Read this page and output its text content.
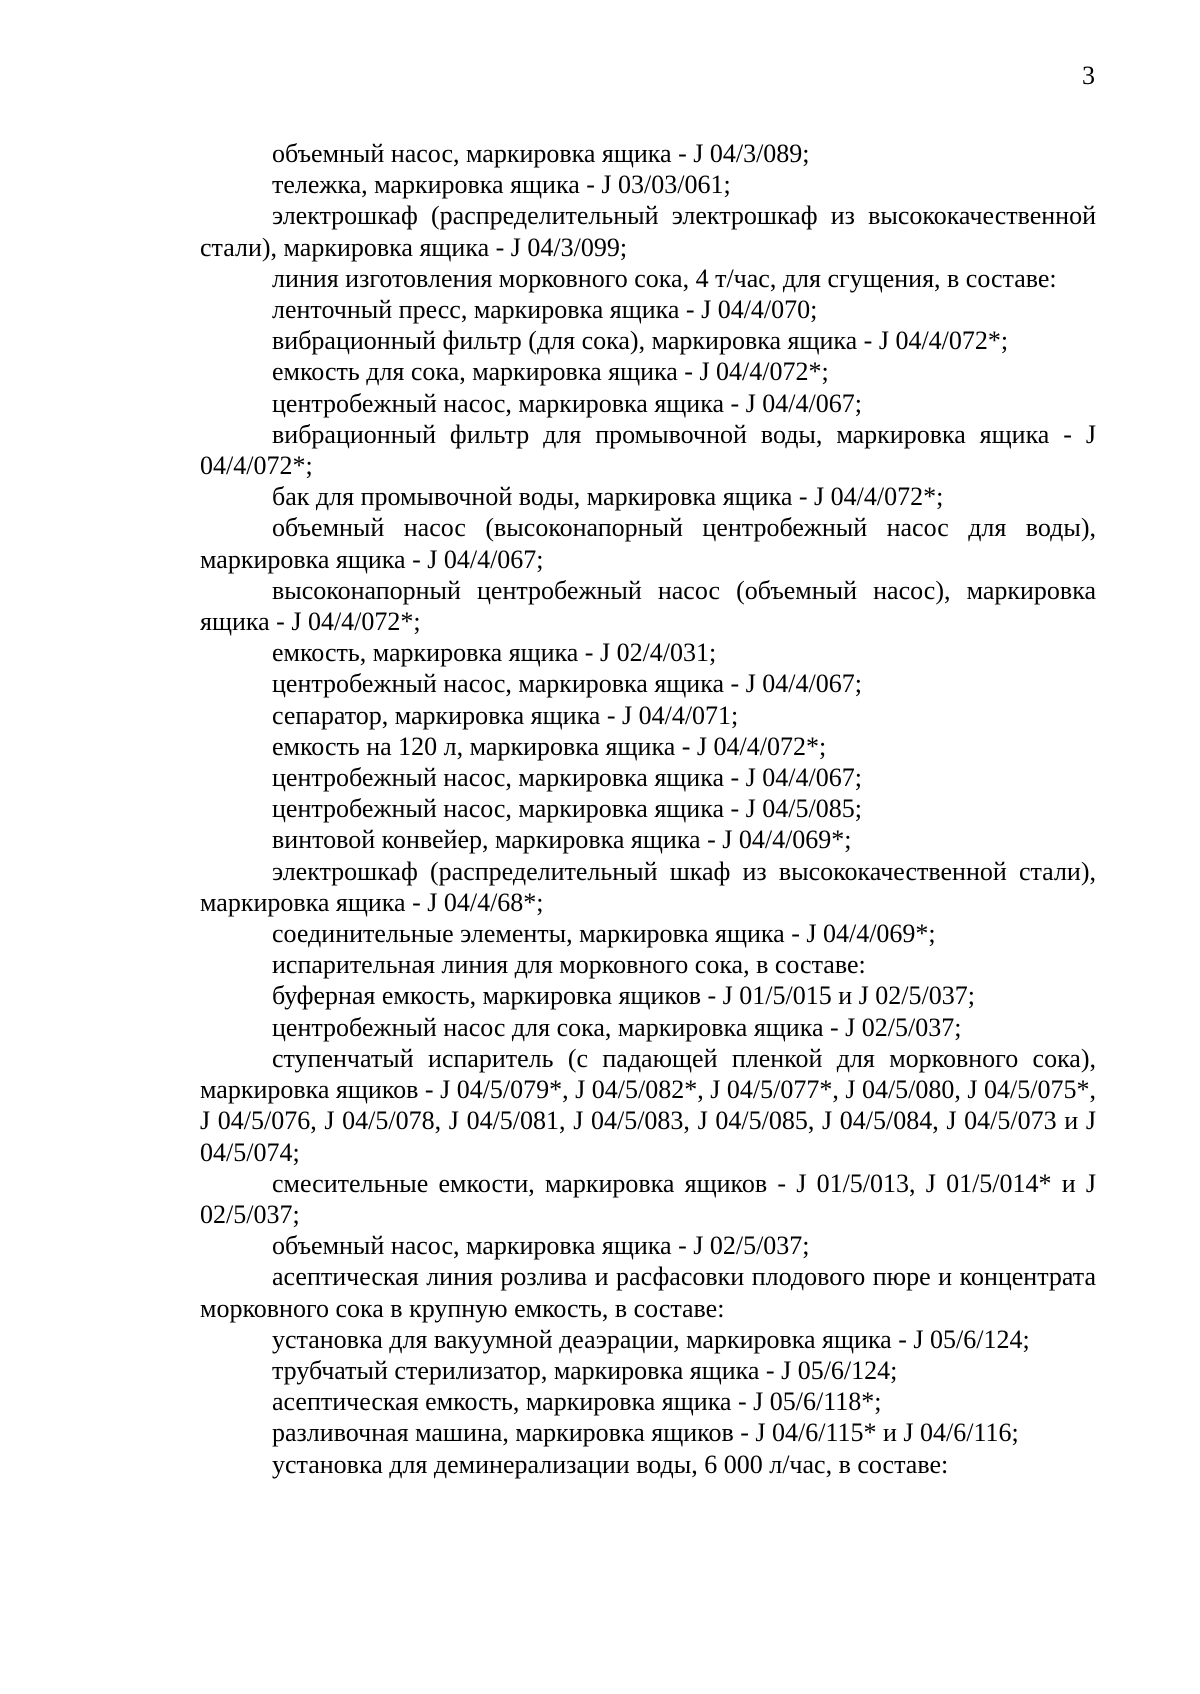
3

объемный насос, маркировка ящика - J 04/3/089;

тележка, маркировка ящика - J 03/03/061;

электрошкаф (распределительный электрошкаф из высококачественной стали), маркировка ящика - J 04/3/099;

линия изготовления морковного сока, 4 т/час, для сгущения, в составе:

ленточный пресс, маркировка ящика - J 04/4/070;

вибрационный фильтр (для сока), маркировка ящика - J 04/4/072*;

емкость для сока, маркировка ящика - J 04/4/072*;

центробежный насос, маркировка ящика - J 04/4/067;

вибрационный фильтр для промывочной воды, маркировка ящика - J 04/4/072*;

бак для промывочной воды, маркировка ящика - J 04/4/072*;

объемный насос (высоконапорный центробежный насос для воды), маркировка ящика - J 04/4/067;

высоконапорный центробежный насос (объемный насос), маркировка ящика - J 04/4/072*;

емкость, маркировка ящика - J 02/4/031;

центробежный насос, маркировка ящика - J 04/4/067;

сепаратор, маркировка ящика - J 04/4/071;

емкость на 120 л, маркировка ящика - J 04/4/072*;

центробежный насос, маркировка ящика - J 04/4/067;

центробежный насос, маркировка ящика - J 04/5/085;

винтовой конвейер, маркировка ящика - J 04/4/069*;

электрошкаф (распределительный шкаф из высококачественной стали), маркировка ящика - J 04/4/68*;

соединительные элементы, маркировка ящика - J 04/4/069*;

испарительная линия для морковного сока, в составе:

буферная емкость, маркировка ящиков - J 01/5/015 и J 02/5/037;

центробежный насос для сока, маркировка ящика - J 02/5/037;

ступенчатый испаритель (с падающей пленкой для морковного сока), маркировка ящиков - J 04/5/079*, J 04/5/082*, J 04/5/077*, J 04/5/080, J 04/5/075*, J 04/5/076, J 04/5/078, J 04/5/081, J 04/5/083, J 04/5/085, J 04/5/084, J 04/5/073 и J 04/5/074;

смесительные емкости, маркировка ящиков - J 01/5/013, J 01/5/014* и J 02/5/037;

объемный насос, маркировка ящика - J 02/5/037;

асептическая линия розлива и расфасовки плодового пюре и концентрата морковного сока в крупную емкость, в составе:

установка для вакуумной деаэрации, маркировка ящика - J 05/6/124;

трубчатый стерилизатор, маркировка ящика - J 05/6/124;

асептическая емкость, маркировка ящика - J 05/6/118*;

разливочная машина, маркировка ящиков - J 04/6/115* и J 04/6/116;

установка для деминерализации воды, 6 000 л/час, в составе:
